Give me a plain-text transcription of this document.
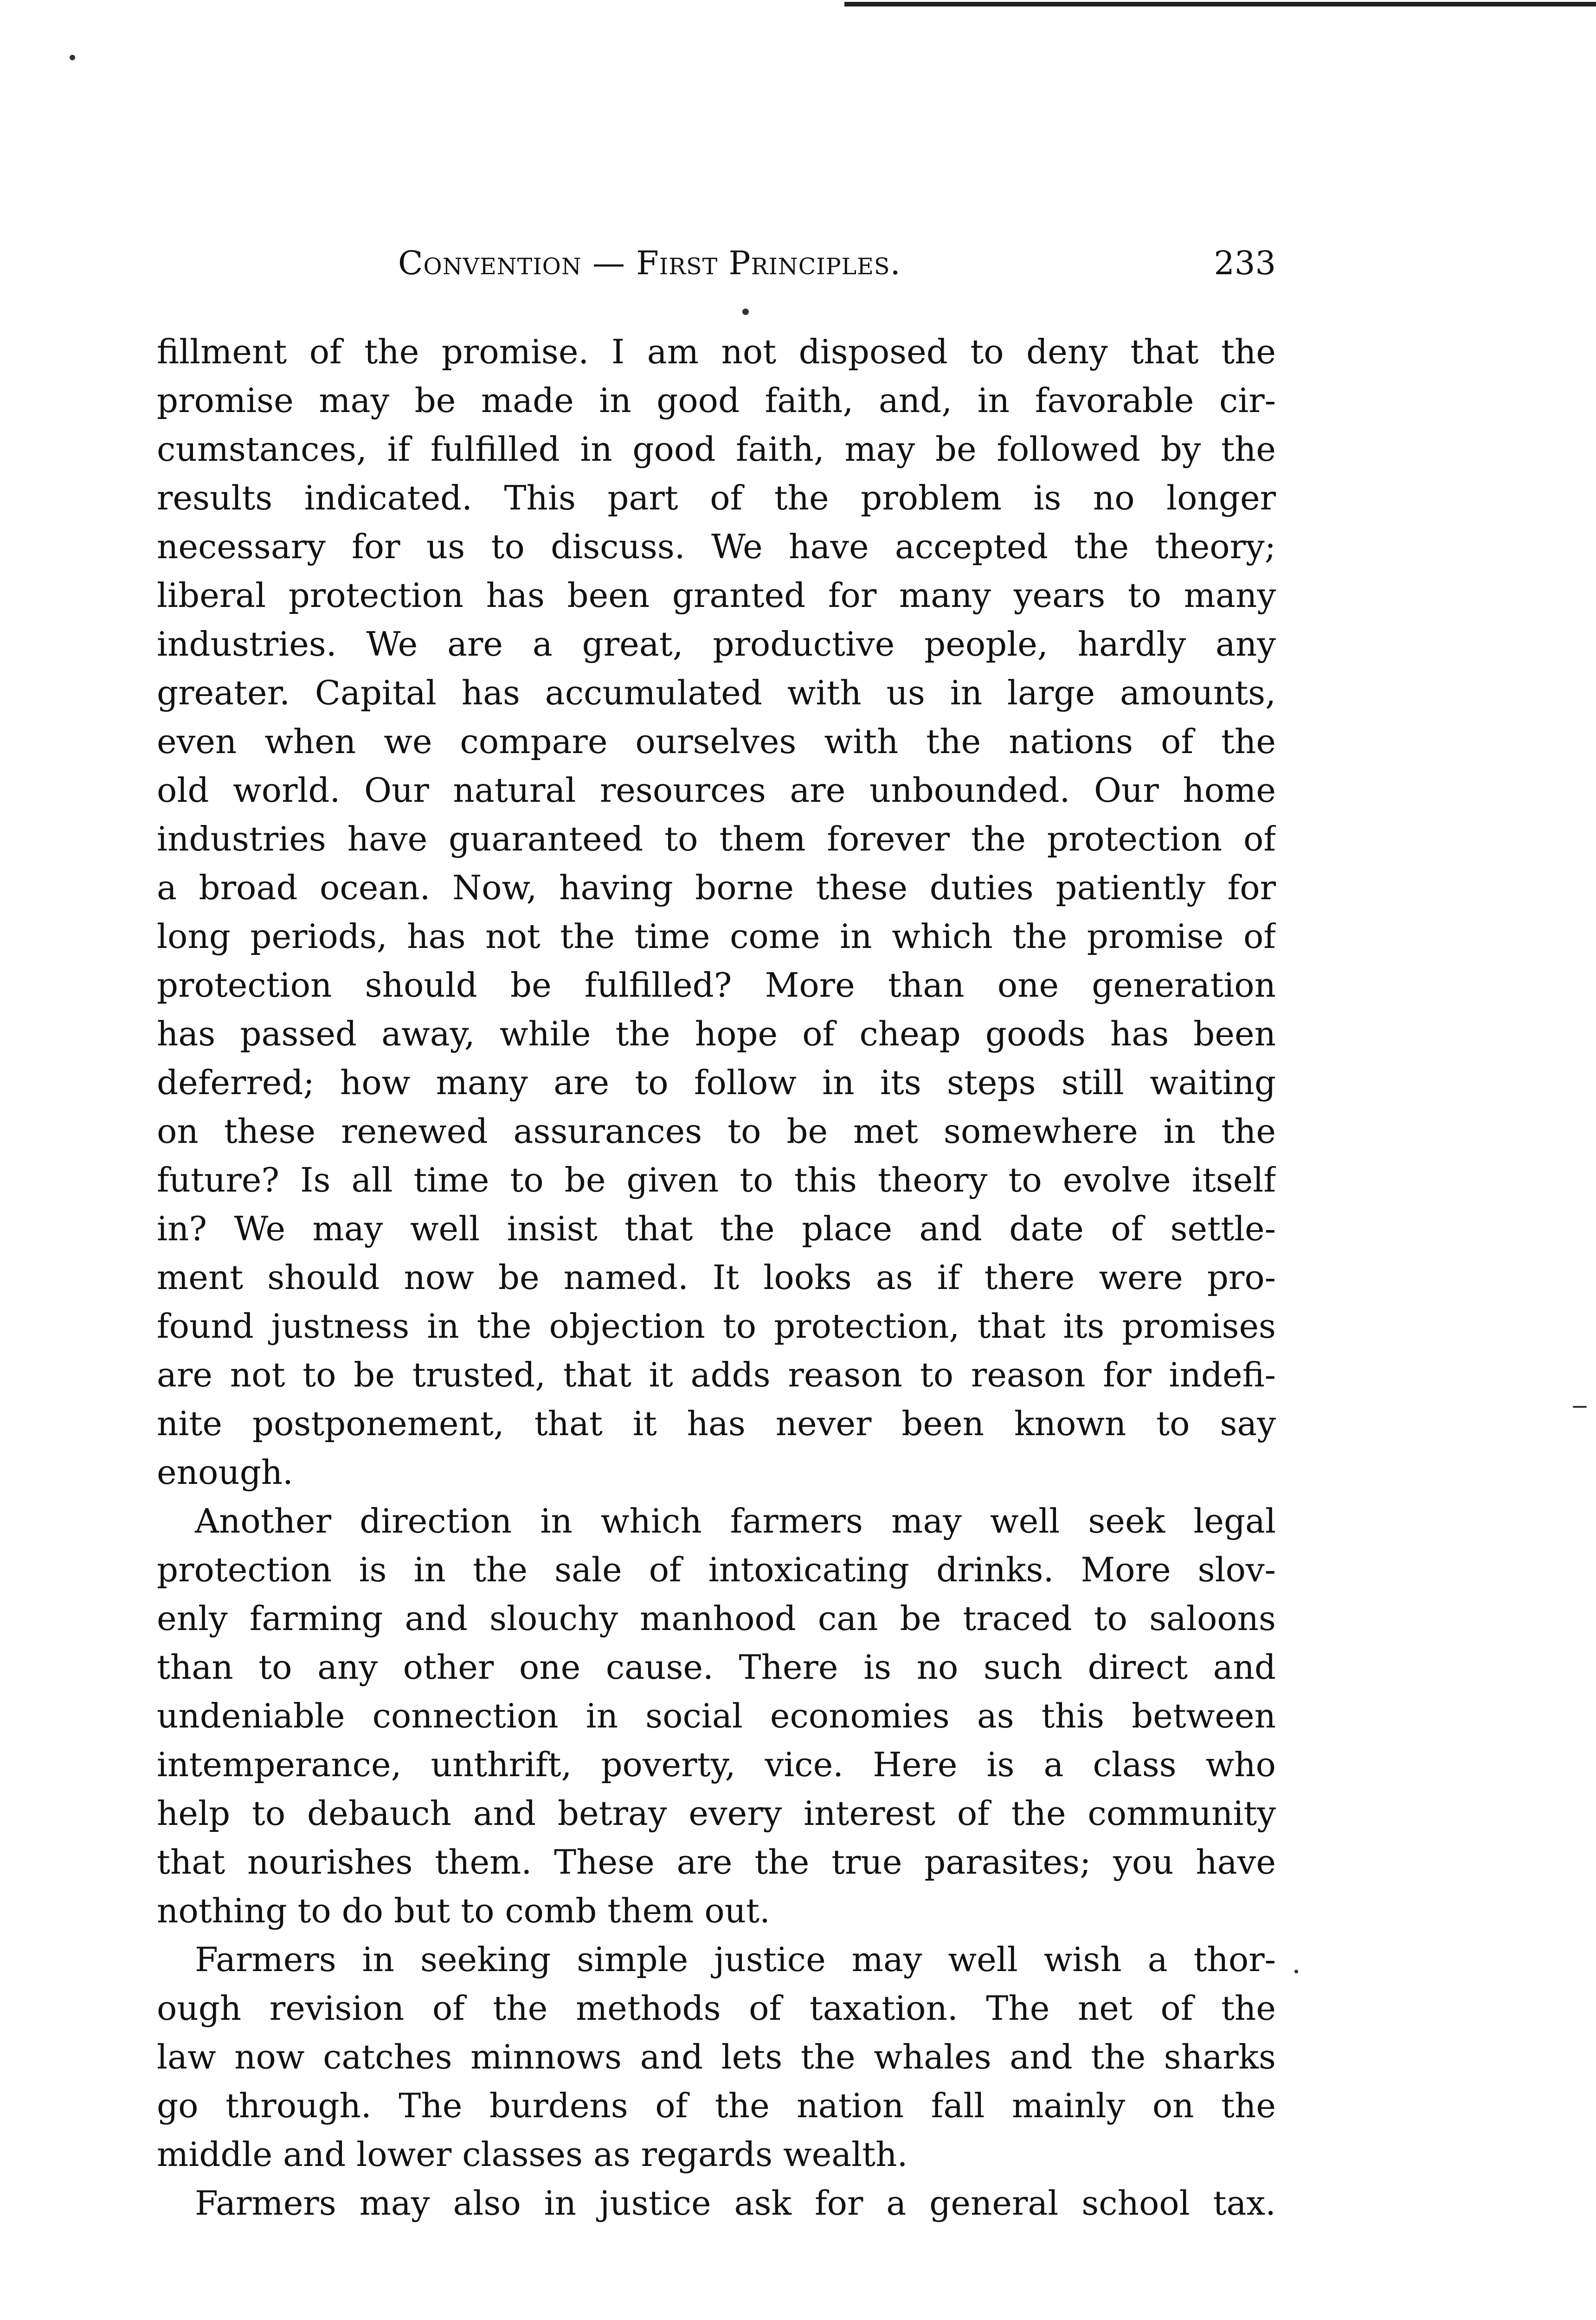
Convention — First Principles.	233
fillment of the promise. I am not disposed to deny that the
promise may be made in good faith, and, in favorable cir-
cumstances, if fulfilled in good faith, may be followed by the
results indicated. This part of the problem is no longer
necessary for us to discuss. We have accepted the theory;
liberal protection has been granted for many years to many
industries. We are a great, productive people, hardly any
greater. Capital has accumulated with us in large amounts,
even when we compare ourselves with the nations of the
old world. Our natural resources are unbounded. Our home
industries have guaranteed to them forever the protection of
a broad ocean. Now, having borne these duties patiently for
long periods, has not the time come in which the promise of
protection should be fulfilled? More than one generation
has passed away, while the hope of cheap goods has been
deferred; how many are to follow in its steps still waiting
on these renewed assurances to be met somewhere in the
future? Is all time to be given to this theory to evolve itself
in? We may well insist that the place and date of settle-
ment should now be named. It looks as if there were pro-
found justness in the objection to protection, that its promises
are not to be trusted, that it adds reason to reason for indefi-
nite postponement, that it has never been known to say
enough.
Another direction in which farmers may well seek legal
protection is in the sale of intoxicating drinks. More slov-
enly farming and slouchy manhood can be traced to saloons
than to any other one cause. There is no such direct and
undeniable connection in social economies as this between
intemperance, unthrift, poverty, vice. Here is a class who
help to debauch and betray every interest of the community
that nourishes them. These are the true parasites; you have
nothing to do but to comb them out.
Farmers in seeking simple justice may well wish a thor-
ough revision of the methods of taxation. The net of the
law now catches minnows and lets the whales and the sharks
go through. The burdens of the nation fall mainly on the
middle and lower classes as regards wealth.
Farmers may also in justice ask for a general school tax.
